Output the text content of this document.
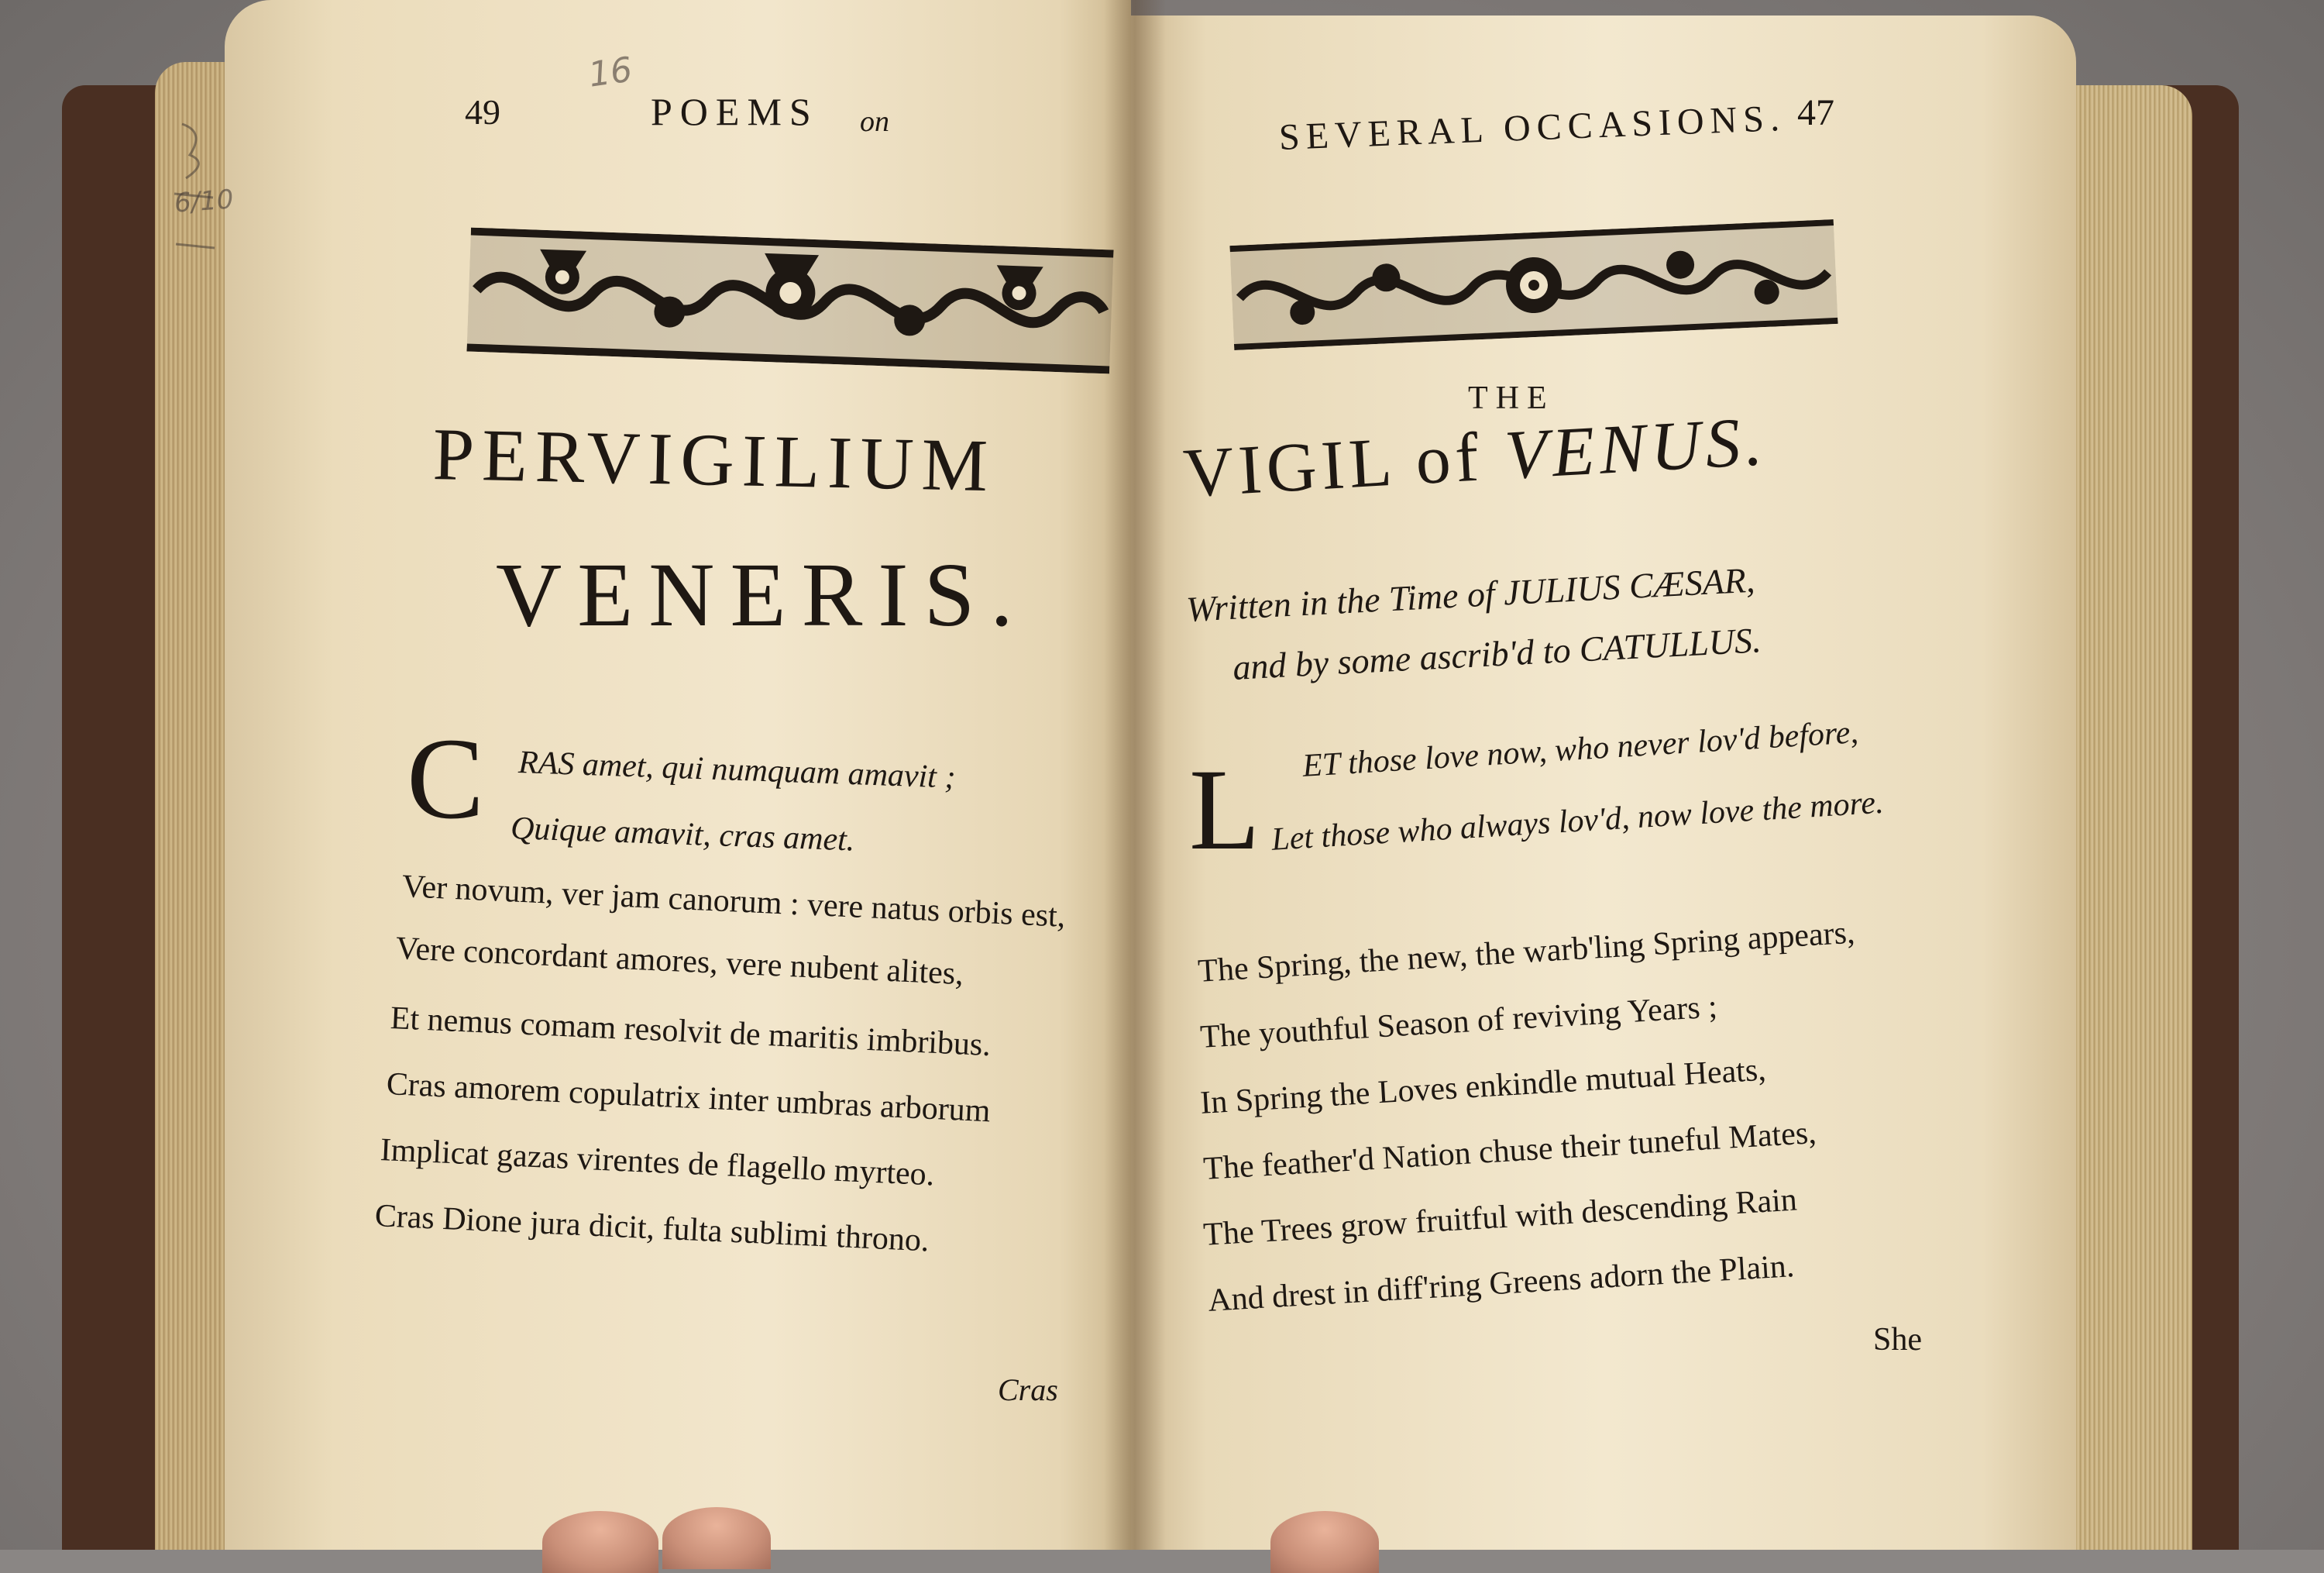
6/10
16
49	POEMS on
PERVIGILIUM
VENERIS.
C RAS amet, qui numquam amavit ;
Quique amavit, cras amet.
Ver novum, ver jam canorum : vere natus orbis est,
Vere concordant amores, vere nubent alites,
Et nemus comam resolvit de maritis imbribus.
Cras amorem copulatrix inter umbras arborum
Implicat gazas virentes de flagello myrteo.
Cras Dione jura dicit, fulta sublimi throno.
Cras
SEVERAL OCCASIONS. 47
THE
VIGIL of VENUS.
Written in the Time of JULIUS CÆSAR,
and by some ascrib'd to CATULLUS.
L ET those love now, who never lov'd before,
Let those who always lov'd, now love the more.
The Spring, the new, the warb'ling Spring appears,
The youthful Season of reviving Years ;
In Spring the Loves enkindle mutual Heats,
The feather'd Nation chuse their tuneful Mates,
The Trees grow fruitful with descending Rain
And drest in diff'ring Greens adorn the Plain.
She
